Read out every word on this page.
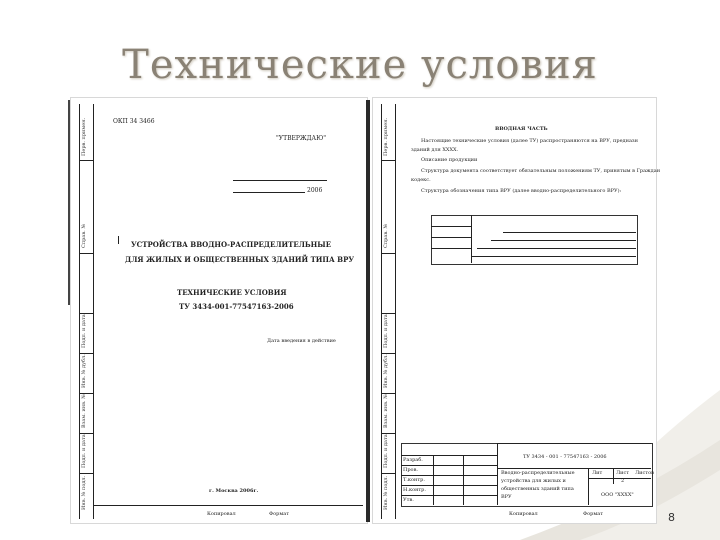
Технические условия
Перв. примен.
Справ. №
Подп. и дата
Инв. № дубл.
Взам. инв. №
Подп. и дата
Инв. № подл.
ОКП 34 3466
"УТВЕРЖДАЮ"
2006
УСТРОЙСТВА ВВОДНО-РАСПРЕДЕЛИТЕЛЬНЫЕ
ДЛЯ ЖИЛЫХ И ОБЩЕСТВЕННЫХ ЗДАНИЙ ТИПА ВРУ
ТЕХНИЧЕСКИЕ УСЛОВИЯ
ТУ 3434-001-77547163-2006
Дата введения в действие
г. Москва 2006г.
Копировал	Формат
Перв. примен.
Справ. №
Подп. и дата
Инв. № дубл.
Взам. инв. №
Подп. и дата
Инв. № подл.
ВВОДНАЯ ЧАСТЬ
Настоящие технические условия (далее ТУ) распространяются на ВРУ, предназн
зданий для ХХХХ.
Описание продукции
Структура документа соответствует обязательным положениям ТУ, принятым в Граждан
кодекс.
Структура обозначения типа ВРУ (далее вводно-распределительного ВРУ):
ТУ 3434 - 001 - 77547163 - 2006
Разраб.
Пров.
Т.контр.
Н.контр.
Утв.
Вводно-распределительные
устройства для жилых и
общественных зданий типа
ВРУ
Лит	Лист Листов
2
ООО "ХХХХ"
Копировал	Формат	8
